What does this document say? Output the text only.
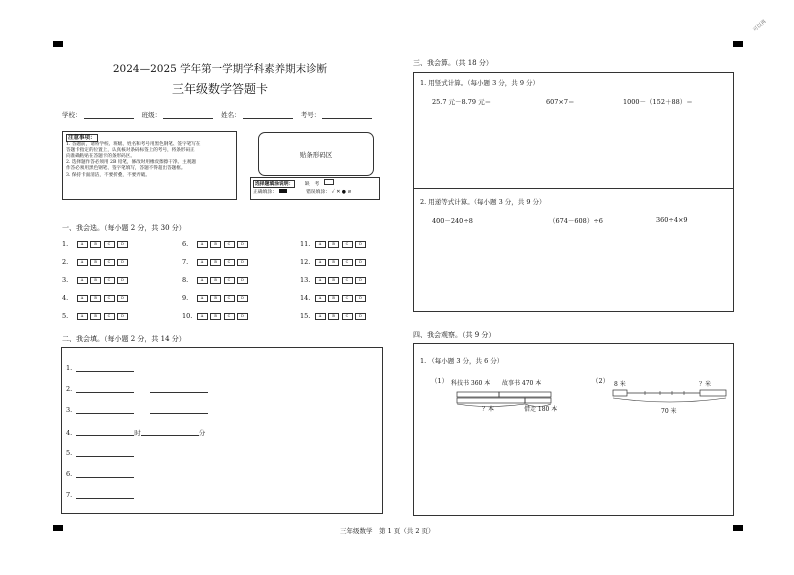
可以再
2024—2025 学年第一学期学科素养期末诊断
三年级数学答题卡
学校：	班级：	姓名：	考号：
注意事项：
1. 答题前，请将学校、班级、姓名和考号用黑色钢笔、签字笔写在
答题卡指定的位置上，认真核对条码标签上的考号，将条形码正
向准确粘贴在答题卡的条形码区。
2. 选择题作答必须用 2B 铅笔，修改时用橡皮擦擦干净。主观题
作答必须用黑色钢笔、签字笔填写，答题不得超出答题框。
3. 保持卡面清洁，不要折叠，不要弄破。
贴条形码区
选择题填涂说明： 缺　考
正确填涂：	错误填涂： ✓ ✕ ● ⊘
一、我会选。（每小题 2 分，共 30 分）
1.	A	B	C	D
2.	A	B	C	D
3.	A	B	C	D
4.	A	B	C	D
5.	A	B	C	D
6.	A	B	C	D
7.	A	B	C	D
8.	A	B	C	D
9.	A	B	C	D
10.	A	B	C	D
11.	A	B	C	D
12.	A	B	C	D
13.	A	B	C	D
14.	A	B	C	D
15.	A	B	C	D
二、我会填。（每小题 2 分，共 14 分）
1.
2.
3.
4.	时	分
5.
6.
7.
三、我会算。（共 18 分）
1. 用竖式计算。（每小题 3 分，共 9 分）
25.7 元－8.79 元＝	607×7＝	1000－（152＋88）＝
2. 用递等式计算。（每小题 3 分，共 9 分）
400－240÷8	（674－608）÷6	360÷4×9
四、我会观察。（共 9 分）
1. （每小题 3 分，共 6 分）
（1） 科技书 360 本 故事书 470 本
？本	借走 180 本
（2） 8 米	？米
70 米
三年级数学　第 1 页（共 2 页）
